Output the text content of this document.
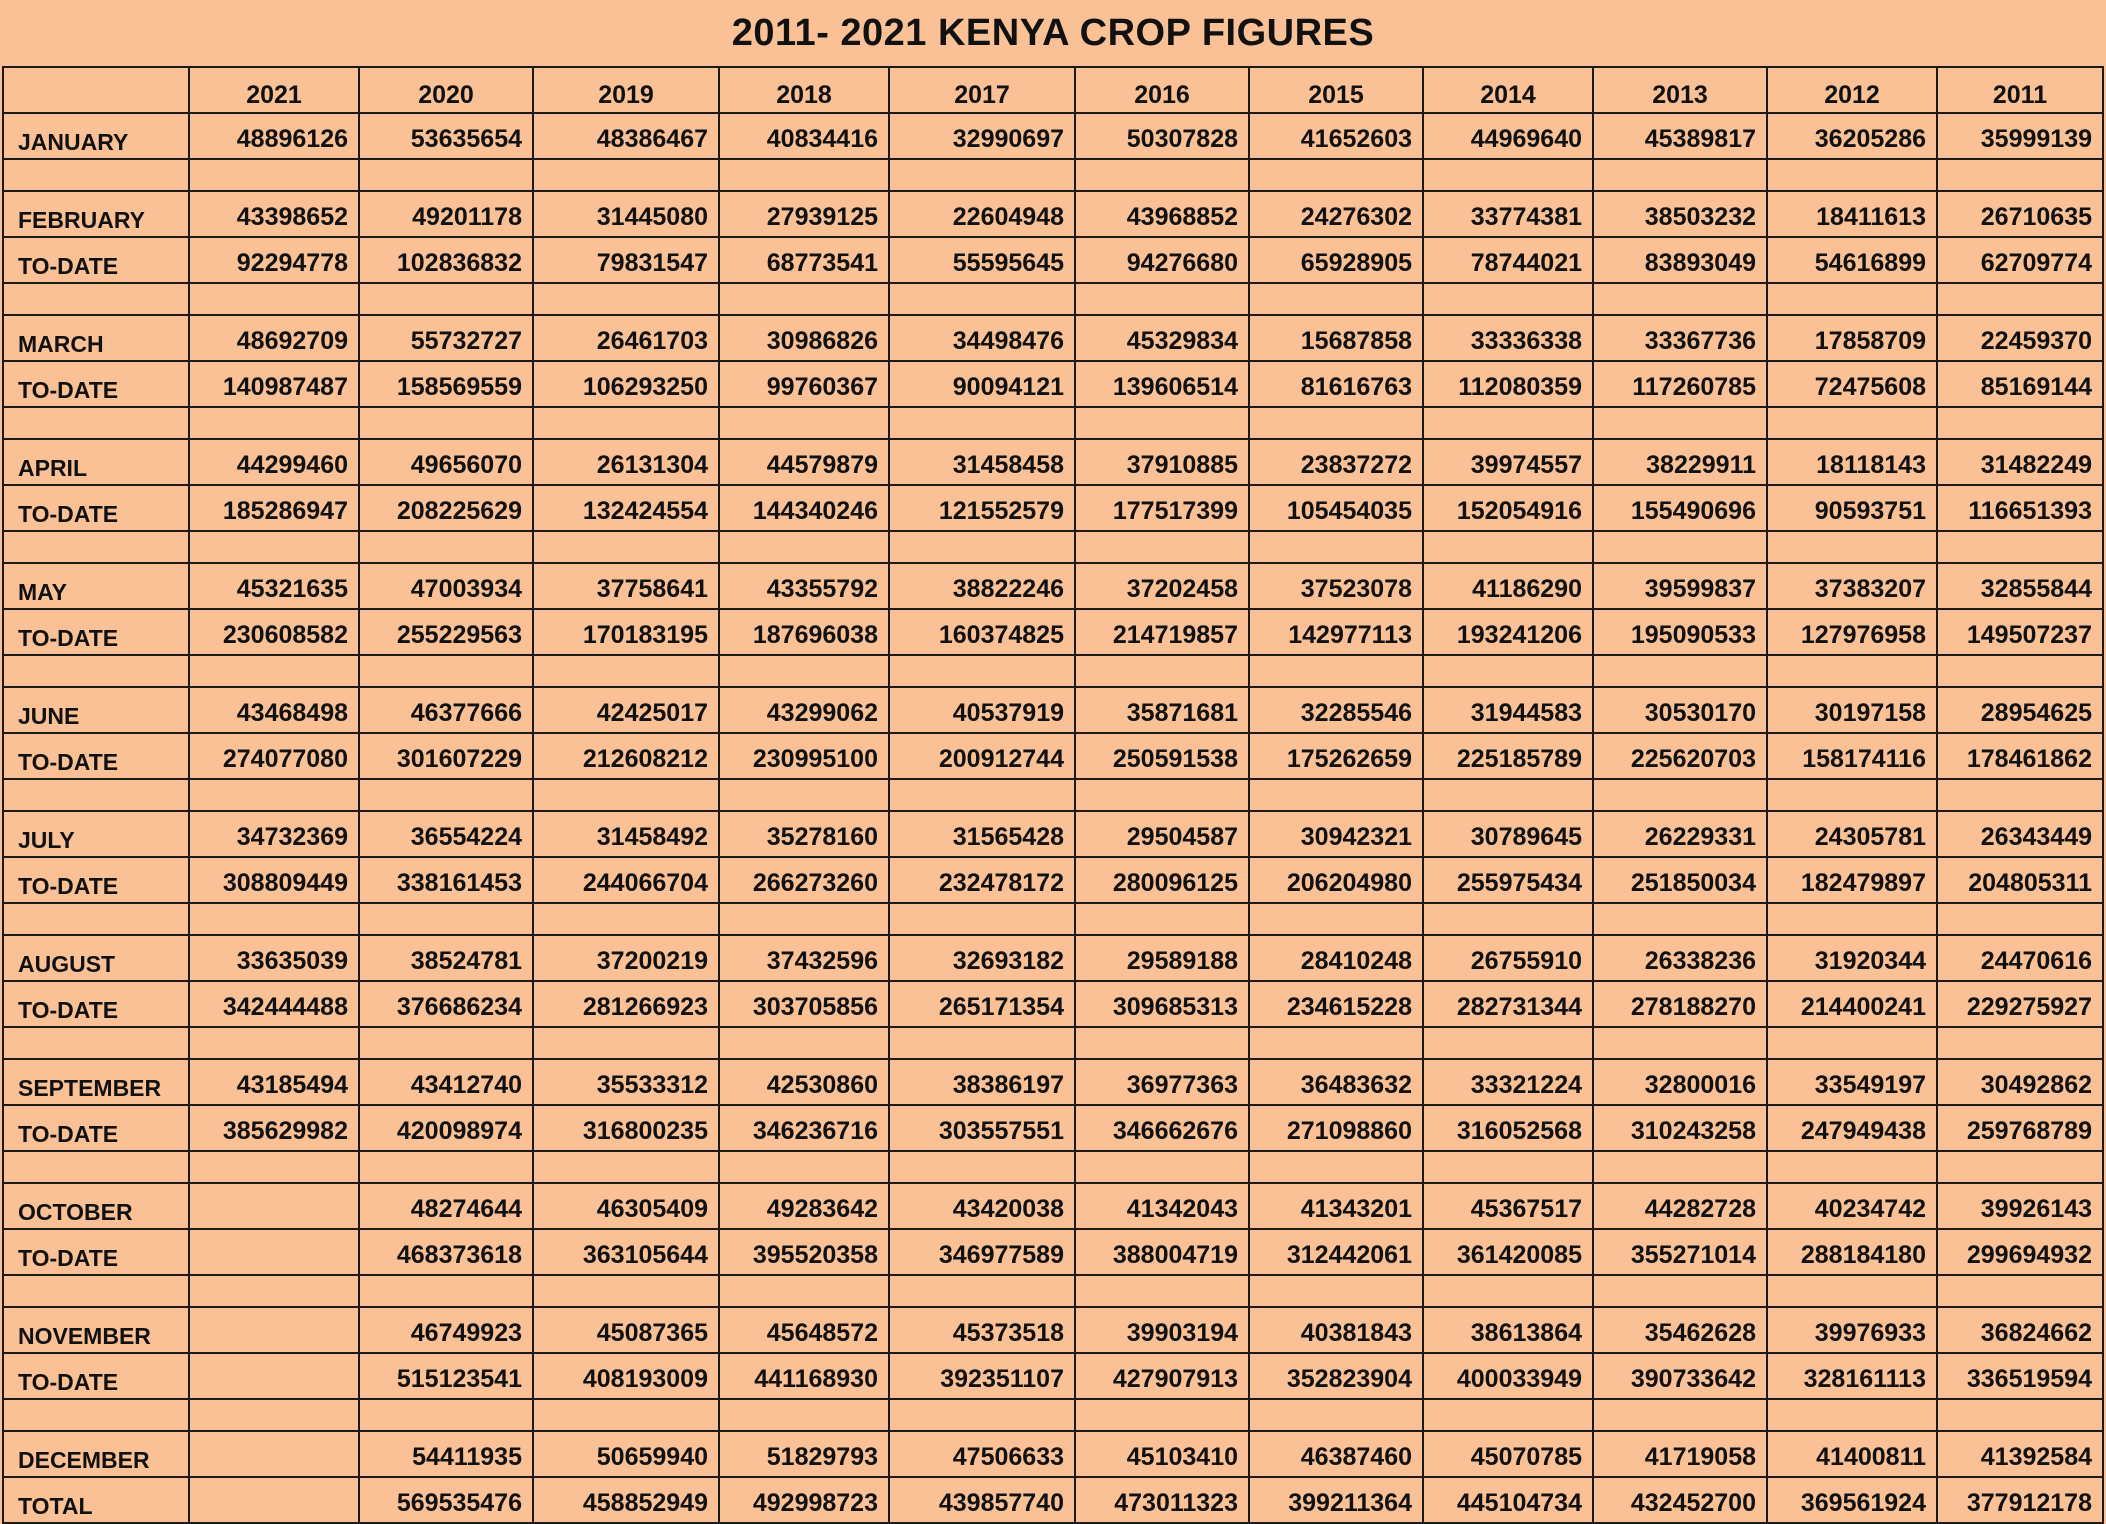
2011- 2021 KENYA CROP FIGURES
	2021	2020	2019	2018	2017	2016	2015	2014	2013	2012	2011
JANUARY	48896126	53635654	48386467	40834416	32990697	50307828	41652603	44969640	45389817	36205286	35999139

FEBRUARY	43398652	49201178	31445080	27939125	22604948	43968852	24276302	33774381	38503232	18411613	26710635
TO-DATE	92294778	102836832	79831547	68773541	55595645	94276680	65928905	78744021	83893049	54616899	62709774

MARCH	48692709	55732727	26461703	30986826	34498476	45329834	15687858	33336338	33367736	17858709	22459370
TO-DATE	140987487	158569559	106293250	99760367	90094121	139606514	81616763	112080359	117260785	72475608	85169144

APRIL	44299460	49656070	26131304	44579879	31458458	37910885	23837272	39974557	38229911	18118143	31482249
TO-DATE	185286947	208225629	132424554	144340246	121552579	177517399	105454035	152054916	155490696	90593751	116651393

MAY	45321635	47003934	37758641	43355792	38822246	37202458	37523078	41186290	39599837	37383207	32855844
TO-DATE	230608582	255229563	170183195	187696038	160374825	214719857	142977113	193241206	195090533	127976958	149507237

JUNE	43468498	46377666	42425017	43299062	40537919	35871681	32285546	31944583	30530170	30197158	28954625
TO-DATE	274077080	301607229	212608212	230995100	200912744	250591538	175262659	225185789	225620703	158174116	178461862

JULY	34732369	36554224	31458492	35278160	31565428	29504587	30942321	30789645	26229331	24305781	26343449
TO-DATE	308809449	338161453	244066704	266273260	232478172	280096125	206204980	255975434	251850034	182479897	204805311

AUGUST	33635039	38524781	37200219	37432596	32693182	29589188	28410248	26755910	26338236	31920344	24470616
TO-DATE	342444488	376686234	281266923	303705856	265171354	309685313	234615228	282731344	278188270	214400241	229275927

SEPTEMBER	43185494	43412740	35533312	42530860	38386197	36977363	36483632	33321224	32800016	33549197	30492862
TO-DATE	385629982	420098974	316800235	346236716	303557551	346662676	271098860	316052568	310243258	247949438	259768789

OCTOBER		48274644	46305409	49283642	43420038	41342043	41343201	45367517	44282728	40234742	39926143
TO-DATE		468373618	363105644	395520358	346977589	388004719	312442061	361420085	355271014	288184180	299694932

NOVEMBER		46749923	45087365	45648572	45373518	39903194	40381843	38613864	35462628	39976933	36824662
TO-DATE		515123541	408193009	441168930	392351107	427907913	352823904	400033949	390733642	328161113	336519594

DECEMBER		54411935	50659940	51829793	47506633	45103410	46387460	45070785	41719058	41400811	41392584
TOTAL		569535476	458852949	492998723	439857740	473011323	399211364	445104734	432452700	369561924	377912178
